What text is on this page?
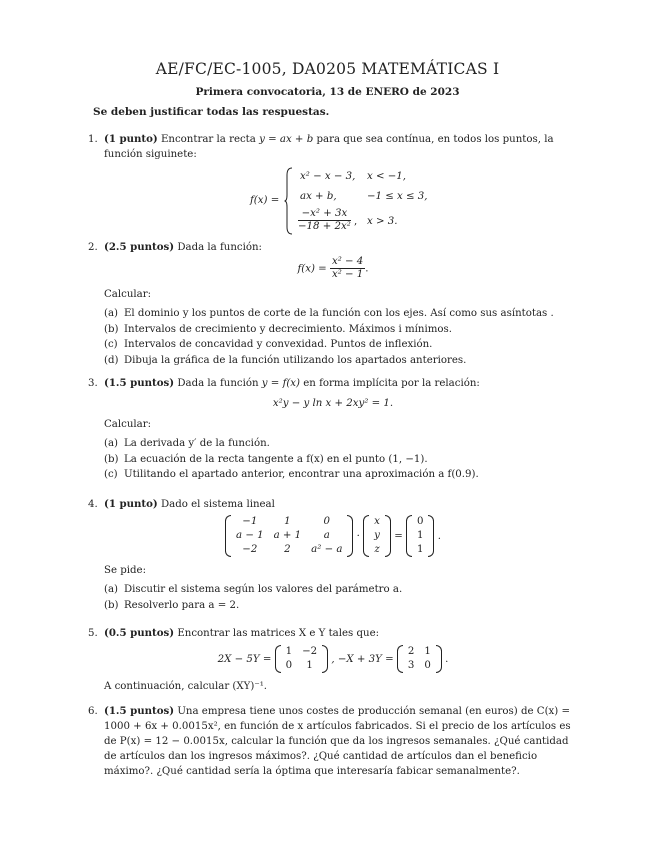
AE/FC/EC-1005, DA0205 MATEMÁTICAS I
Primera convocatoria, 13 de ENERO de 2023
Se deben justificar todas las respuestas.
1. (1 punto) Encontrar la recta y = ax + b para que sea contínua, en todos los puntos, la función siguinete:
f(x) =
x² − x − 3, x < −1,
ax + b,	−1 ≤ x ≤ 3,
$\frac{\text{−x² + 3x}}{\text{−18 + 2x²}}$ , x > 3.
2. (2.5 puntos) Dada la función:
$f(x) = \frac{\text{x² − 4}}{\text{x² − 1}}$ .
Calcular:
(a) El dominio y los puntos de corte de la función con los ejes. Así como sus asíntotas .
(b) Intervalos de crecimiento y decrecimiento. Máximos i mínimos.
(c) Intervalos de concavidad y convexidad. Puntos de inflexión.
(d) Dibuja la gráfica de la función utilizando los apartados anteriores.
3. (1.5 puntos) Dada la función y = f(x) en forma implícita por la relación:
x²y − y ln x + 2xy² = 1.
Calcular:
(a) La derivada y′ de la función.
(b) La ecuación de la recta tangente a f(x) en el punto (1, −1).
(c) Utilitando el apartado anterior, encontrar una aproximación a f(0.9).
4. (1 punto) Dado el sistema lineal
−1	1	0
a − 1	a + 1	a
−2	2	a² − a
·
x
y
z
=
0
1
1
.
Se pide:
(a) Discutir el sistema según los valores del parámetro a.
(b) Resolverlo para a = 2.
5. (0.5 puntos) Encontrar las matrices X e Y tales que:
2X − 5Y =
1	−2
0	1
, −X + 3Y =
2	1
3	0
.
A continuación, calcular (XY)⁻¹.
6. (1.5 puntos) Una empresa tiene unos costes de producción semanal (en euros) de C(x) = 1000 + 6x + 0.0015x², en función de x artículos fabricados. Si el precio de los artículos es de P(x) = 12 − 0.0015x, calcular la función que da los ingresos semanales. ¿Qué cantidad de artículos dan los ingresos máximos?. ¿Qué cantidad de artículos dan el beneficio máximo?. ¿Qué cantidad sería la óptima que interesaría fabicar semanalmente?.
